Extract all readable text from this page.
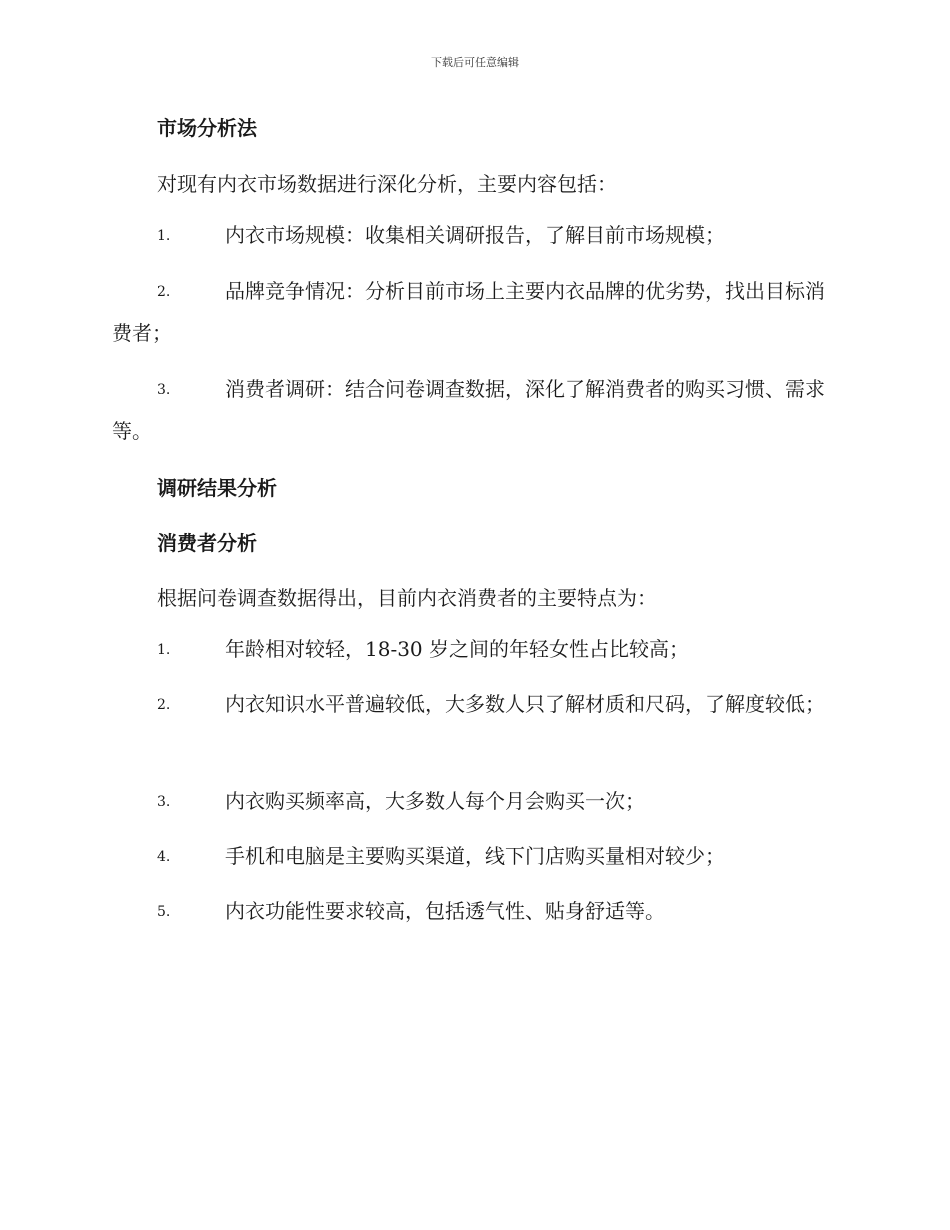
下载后可任意编辑
市场分析法
对现有内衣市场数据进行深化分析，主要内容包括：
1.	内衣市场规模：收集相关调研报告，了解目前市场规模；
2.	品牌竞争情况：分析目前市场上主要内衣品牌的优劣势，找出目标消费者；
3.	消费者调研：结合问卷调查数据，深化了解消费者的购买习惯、需求等。
调研结果分析
消费者分析
根据问卷调查数据得出，目前内衣消费者的主要特点为：
1.	年龄相对较轻，18-30 岁之间的年轻女性占比较高；
2.	内衣知识水平普遍较低，大多数人只了解材质和尺码，了解度较低；
3.	内衣购买频率高，大多数人每个月会购买一次；
4.	手机和电脑是主要购买渠道，线下门店购买量相对较少；
5.	内衣功能性要求较高，包括透气性、贴身舒适等。
